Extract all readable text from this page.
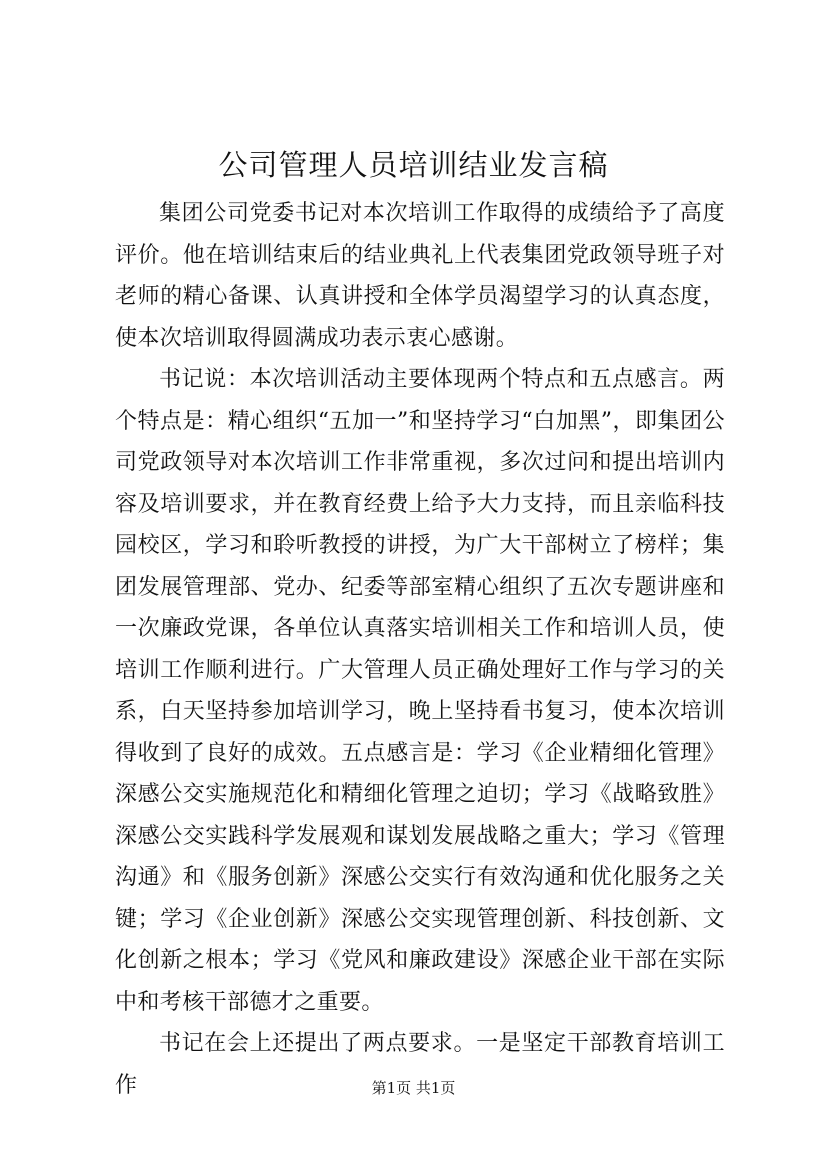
公司管理人员培训结业发言稿

集团公司党委书记对本次培训工作取得的成绩给予了高度评价。他在培训结束后的结业典礼上代表集团党政领导班子对老师的精心备课、认真讲授和全体学员渴望学习的认真态度，使本次培训取得圆满成功表示衷心感谢。

书记说：本次培训活动主要体现两个特点和五点感言。两个特点是：精心组织“五加一”和坚持学习“白加黑”，即集团公司党政领导对本次培训工作非常重视，多次过问和提出培训内容及培训要求，并在教育经费上给予大力支持，而且亲临科技园校区，学习和聆听教授的讲授，为广大干部树立了榜样；集团发展管理部、党办、纪委等部室精心组织了五次专题讲座和一次廉政党课，各单位认真落实培训相关工作和培训人员，使培训工作顺利进行。广大管理人员正确处理好工作与学习的关系，白天坚持参加培训学习，晚上坚持看书复习，使本次培训得收到了良好的成效。五点感言是：学习《企业精细化管理》深感公交实施规范化和精细化管理之迫切；学习《战略致胜》深感公交实践科学发展观和谋划发展战略之重大；学习《管理沟通》和《服务创新》深感公交实行有效沟通和优化服务之关键；学习《企业创新》深感公交实现管理创新、科技创新、文化创新之根本；学习《党风和廉政建设》深感企业干部在实际中和考核干部德才之重要。

书记在会上还提出了两点要求。一是坚定干部教育培训工作	第1页 共1页
